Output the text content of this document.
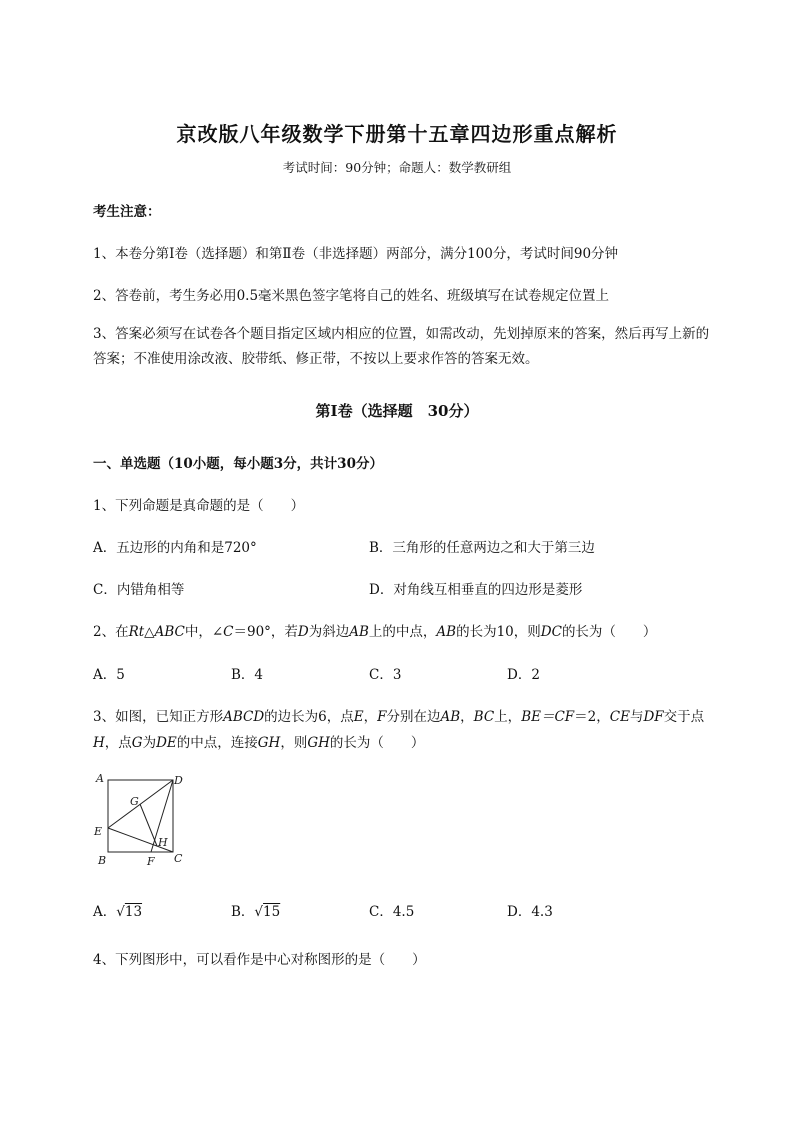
京改版八年级数学下册第十五章四边形重点解析
考试时间：90分钟；命题人：数学教研组
考生注意：
1、本卷分第Ⅰ卷（选择题）和第Ⅱ卷（非选择题）两部分，满分100分，考试时间90分钟
2、答卷前，考生务必用0.5毫米黑色签字笔将自己的姓名、班级填写在试卷规定位置上
3、答案必须写在试卷各个题目指定区域内相应的位置，如需改动，先划掉原来的答案，然后再写上新的答案；不准使用涂改液、胶带纸、修正带，不按以上要求作答的答案无效。
第Ⅰ卷（选择题　30分）
一、单选题（10小题，每小题3分，共计30分）
1、下列命题是真命题的是（　　）
A．五边形的内角和是720°	B．三角形的任意两边之和大于第三边
C．内错角相等	D．对角线互相垂直的四边形是菱形
2、在Rt△ABC中，∠C＝90°，若D为斜边AB上的中点，AB的长为10，则DC的长为（　　）
A．5	B．4	C．3	D．2
3、如图，已知正方形ABCD的边长为6，点E，F分别在边AB，BC上，BE＝CF＝2，CE与DF交于点
H，点G为DE的中点，连接GH，则GH的长为（　　）
A	D
G
E
H
B	F C
A．√13	B．√15	C．4.5	D．4.3
4、下列图形中，可以看作是中心对称图形的是（　　）
